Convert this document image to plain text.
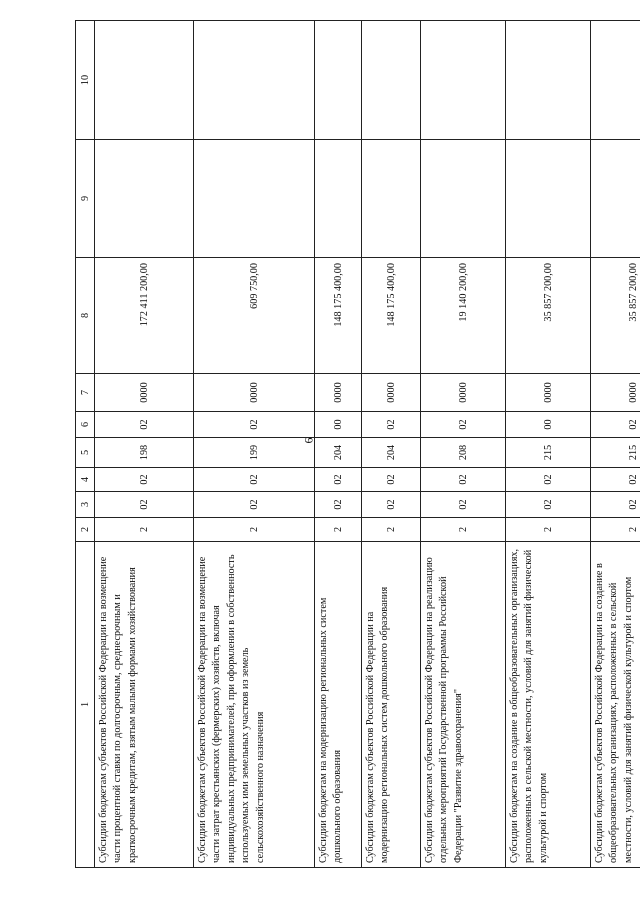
6
1	2	3	4	5	6	7	8	9	10
Субсидии бюджетам субъектов Российской Федерации на возмещение части процентной ставки по долгосрочным, среднесрочным и краткосрочным кредитам, взятым малыми формами хозяйствования	2	02	02	198	02	0000	172 411 200,00		
Субсидии бюджетам субъектов Российской Федерации на возмещение части затрат крестьянских (фермерских) хозяйств, включая индивидуальных предпринимателей, при оформлении в собственность используемых ими земельных участков из земель сельскохозяйственного назначения	2	02	02	199	02	0000	609 750,00		
Субсидии бюджетам на модернизацию региональных систем дошкольного образования	2	02	02	204	00	0000	148 175 400,00		
Субсидии бюджетам субъектов Российской Федерации на модернизацию региональных систем дошкольного образования	2	02	02	204	02	0000	148 175 400,00		
Субсидии бюджетам субъектов Российской Федерации на реализацию отдельных мероприятий Государственной программы Российской Федерации "Развитие здравоохранения"	2	02	02	208	02	0000	19 140 200,00		
Субсидии бюджетам на создание в общеобразовательных организациях, расположенных в сельской местности, условий для занятий физической культурой и спортом	2	02	02	215	00	0000	35 857 200,00		
Субсидии бюджетам субъектов Российской Федерации на создание в общеобразовательных организациях, расположенных в сельской местности, условий для занятий физической культурой и спортом	2	02	02	215	02	0000	35 857 200,00		
